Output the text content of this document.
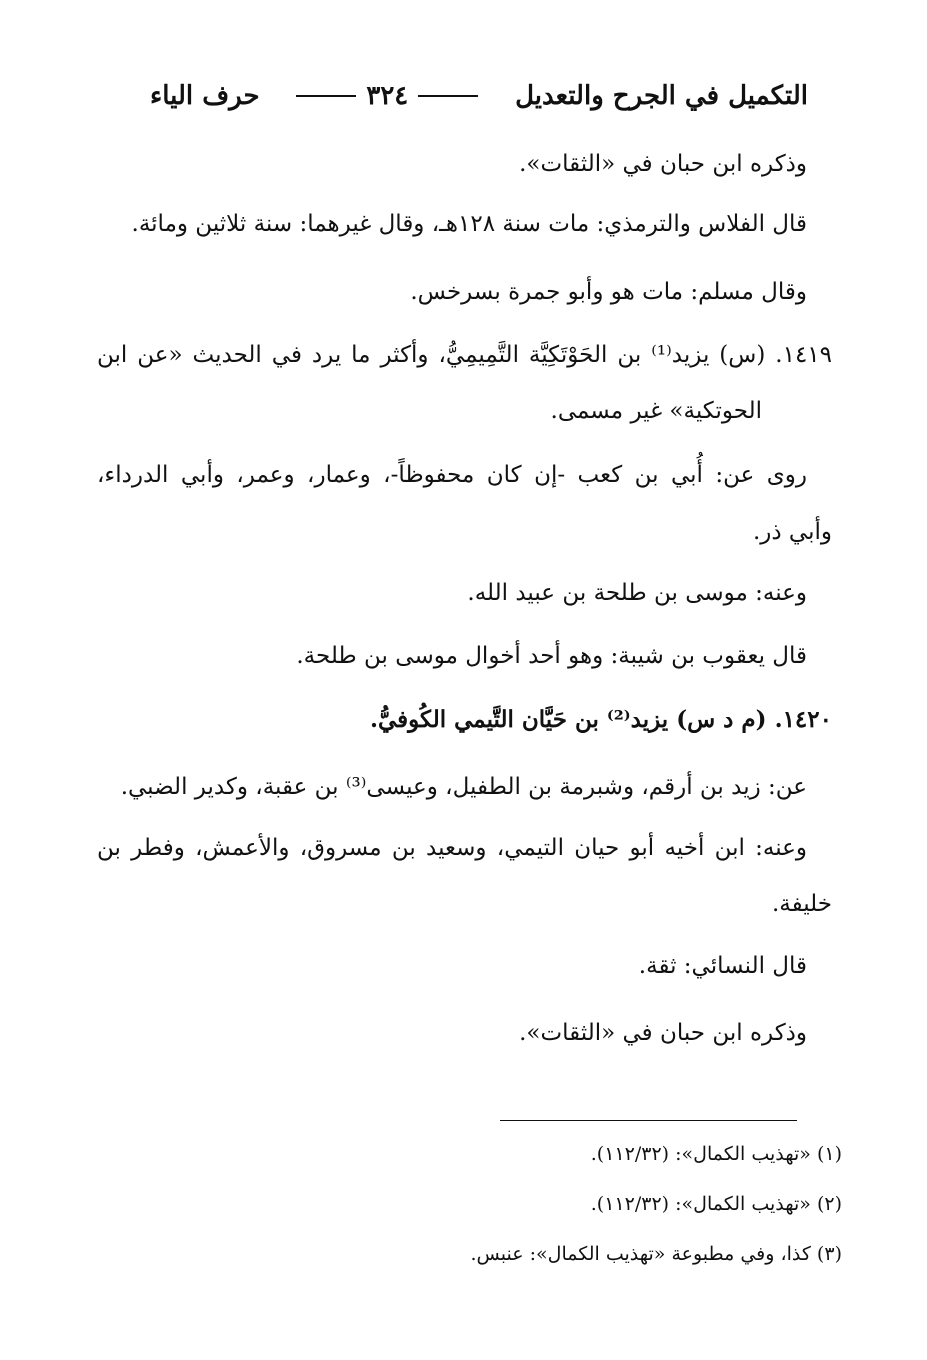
التكميل في الجرح والتعديل
٣٢٤
حرف الياء
وذكره ابن حبان في «الثقات».
قال الفلاس والترمذي: مات سنة ١٢٨هـ، وقال غيرهما: سنة ثلاثين ومائة.
وقال مسلم: مات هو وأبو جمرة بسرخس.
١٤١٩. (س) يزيد⁽¹⁾ بن الحَوْتَكِيَّة التَّمِيمِيُّ، وأكثر ما يرد في الحديث «عن ابن
الحوتكية» غير مسمى.
روى عن: أُبي بن كعب -إن كان محفوظاً-، وعمار، وعمر، وأبي الدرداء،
وأبي ذر.
وعنه: موسى بن طلحة بن عبيد الله.
قال يعقوب بن شيبة: وهو أحد أخوال موسى بن طلحة.
١٤٢٠. (م د س) يزيد⁽²⁾ بن حَيَّان التَّيمي الكُوفيُّ.
عن: زيد بن أرقم، وشبرمة بن الطفيل، وعيسى⁽³⁾ بن عقبة، وكدير الضبي.
وعنه: ابن أخيه أبو حيان التيمي، وسعيد بن مسروق، والأعمش، وفطر بن
خليفة.
قال النسائي: ثقة.
وذكره ابن حبان في «الثقات».
(١) «تهذيب الكمال»: (١١٢/٣٢).
(٢) «تهذيب الكمال»: (١١٢/٣٢).
(٣) كذا، وفي مطبوعة «تهذيب الكمال»: عنبس.
